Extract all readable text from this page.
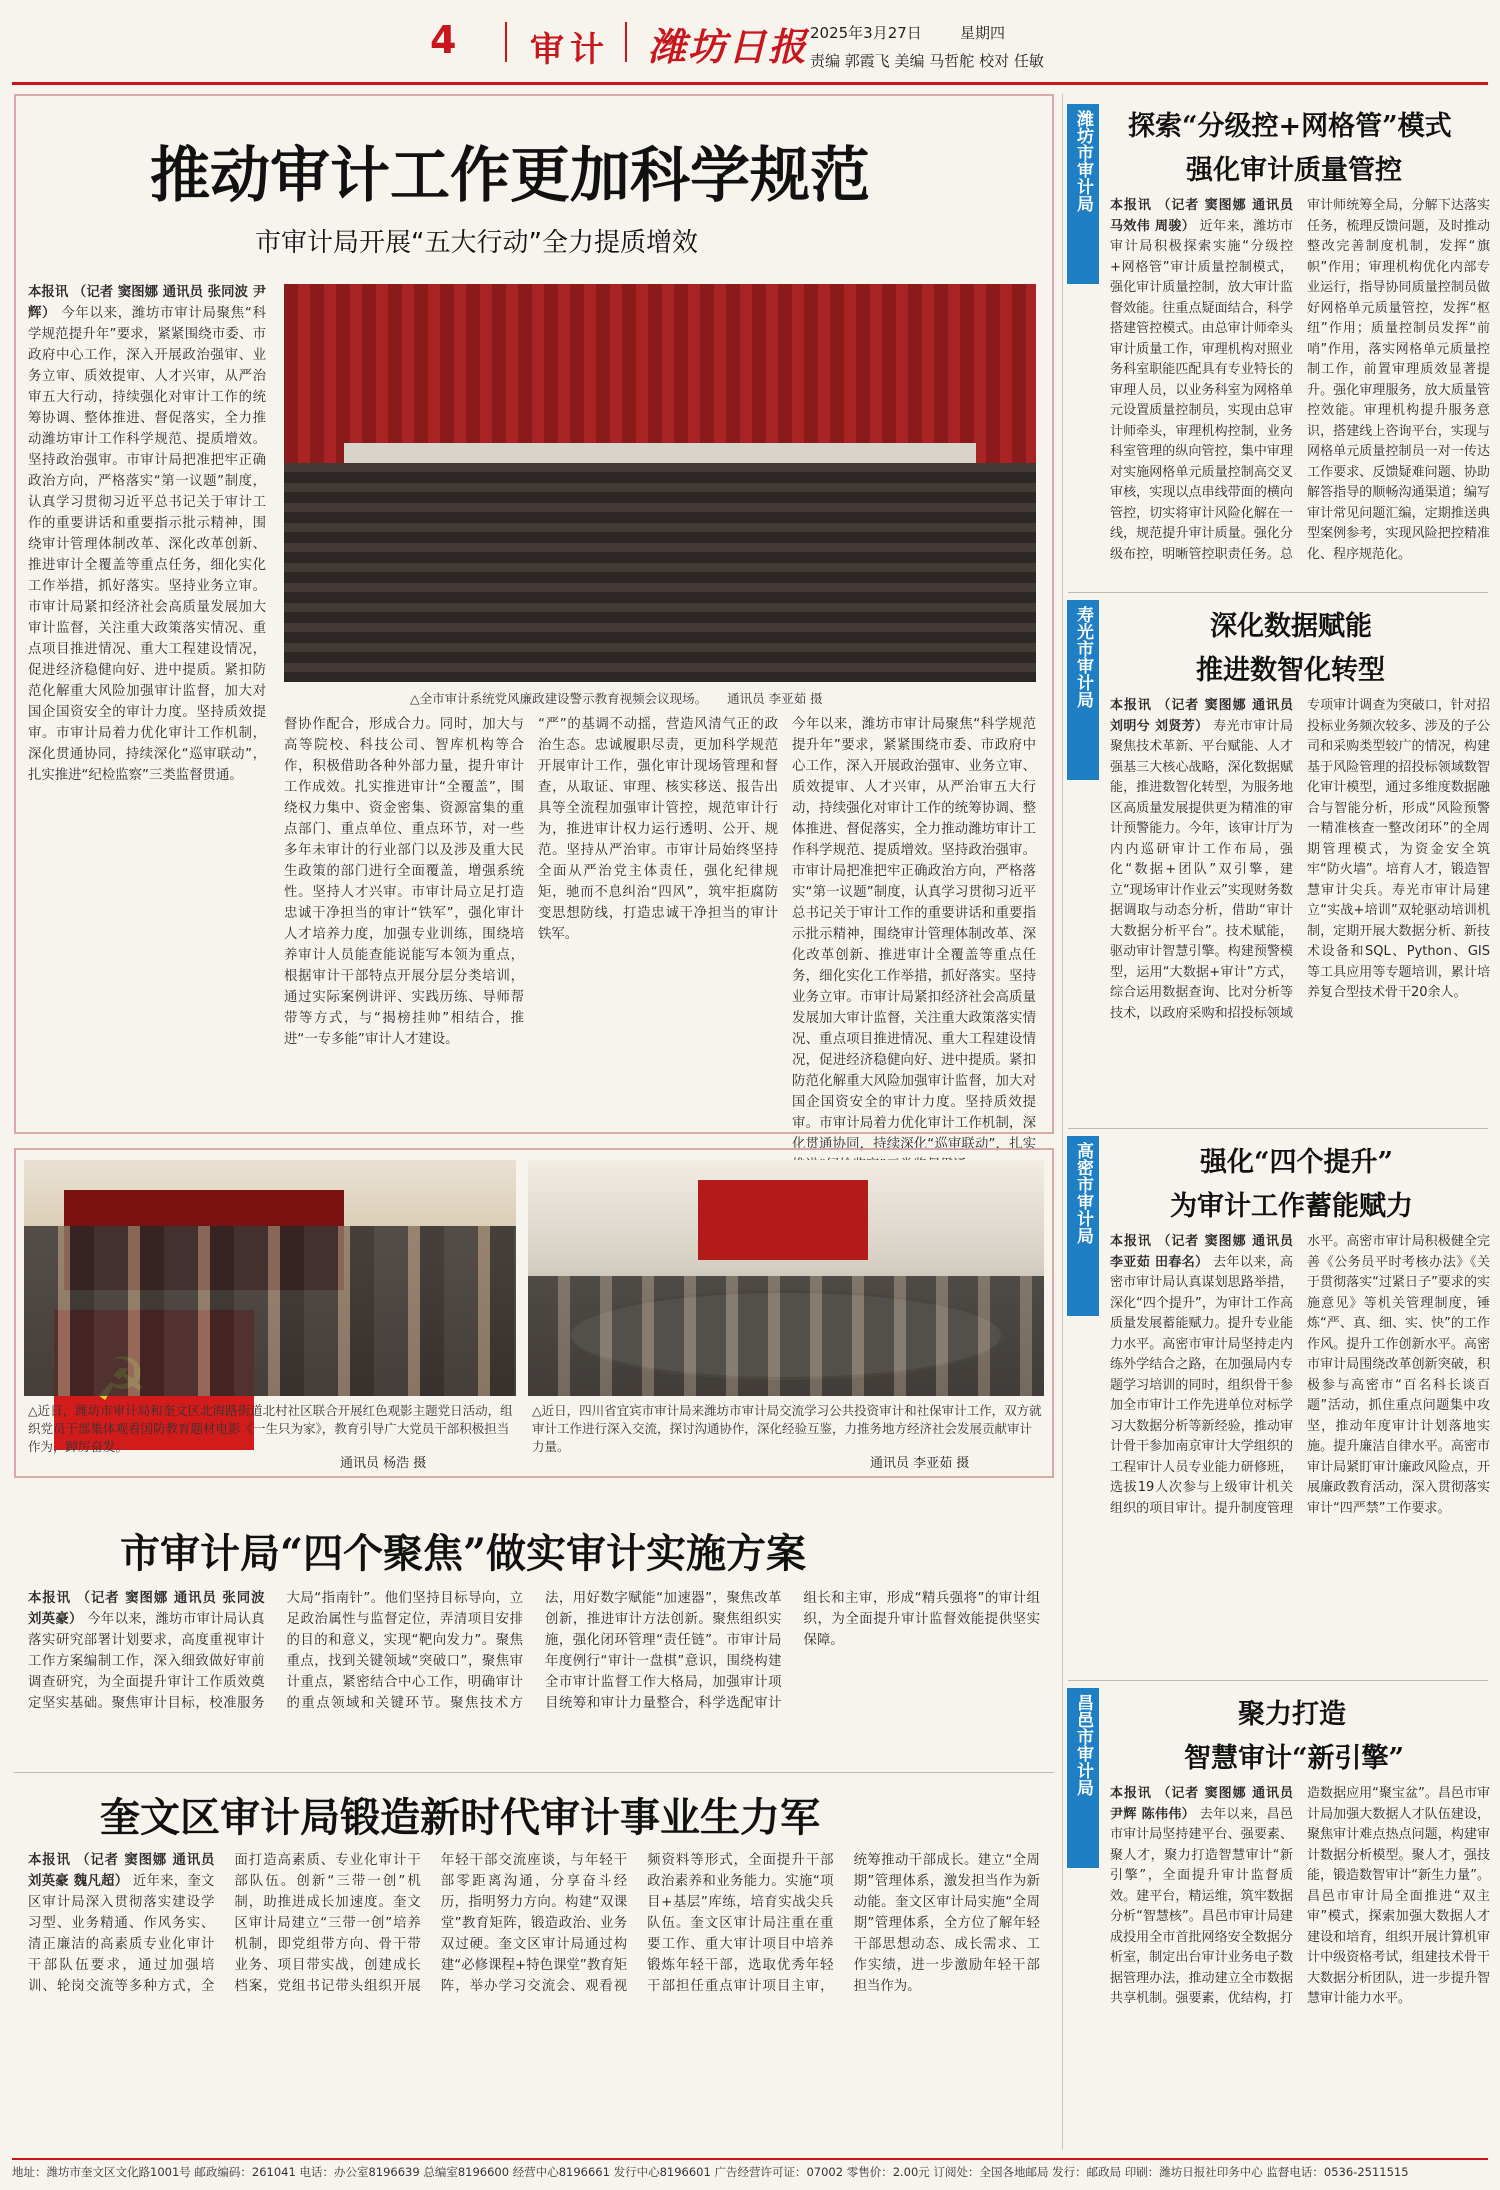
4 审计 潍坊日报 2025年3月27日	星期四
责编 郭霞飞 美编 马哲舵 校对 任敏
推动审计工作更加科学规范
市审计局开展“五大行动”全力提质增效
本报讯 （记者 窦图娜 通讯员 张同波 尹辉） 今年以来，潍坊市审计局聚焦“科学规范提升年”要求，紧紧围绕市委、市政府中心工作，深入开展政治强审、业务立审、质效提审、人才兴审，从严治审五大行动，持续强化对审计工作的统筹协调、整体推进、督促落实，全力推动潍坊审计工作科学规范、提质增效。坚持政治强审。市审计局把准把牢正确政治方向，严格落实“第一议题”制度，认真学习贯彻习近平总书记关于审计工作的重要讲话和重要指示批示精神，围绕审计管理体制改革、深化改革创新、推进审计全覆盖等重点任务，细化实化工作举措，抓好落实。坚持业务立审。市审计局紧扣经济社会高质量发展加大审计监督，关注重大政策落实情况、重点项目推进情况、重大工程建设情况，促进经济稳健向好、进中提质。紧扣防范化解重大风险加强审计监督，加大对国企国资安全的审计力度。坚持质效提审。市审计局着力优化审计工作机制，深化贯通协同，持续深化“巡审联动”，扎实推进“纪检监察”三类监督贯通。
△全市审计系统党风廉政建设警示教育视频会议现场。 通讯员 李亚茹 摄
督协作配合，形成合力。同时，加大与高等院校、科技公司、智库机构等合作，积极借助各种外部力量，提升审计工作成效。扎实推进审计“全覆盖”，围绕权力集中、资金密集、资源富集的重点部门、重点单位、重点环节，对一些多年未审计的行业部门以及涉及重大民生政策的部门进行全面覆盖，增强系统性。坚持人才兴审。市审计局立足打造忠诚干净担当的审计“铁军”，强化审计人才培养力度，加强专业训练，围绕培养审计人员能查能说能写本领为重点，根据审计干部特点开展分层分类培训，通过实际案例讲评、实践历练、导师帮带等方式，与“揭榜挂帅”相结合，推进“一专多能”审计人才建设。
“严”的基调不动摇，营造风清气正的政治生态。忠诚履职尽责，更加科学规范开展审计工作，强化审计现场管理和督查，从取证、审理、核实移送、报告出具等全流程加强审计管控，规范审计行为，推进审计权力运行透明、公开、规范。坚持从严治审。市审计局始终坚持全面从严治党主体责任，强化纪律规矩，驰而不息纠治“四风”，筑牢拒腐防变思想防线，打造忠诚干净担当的审计铁军。
今年以来，潍坊市审计局聚焦“科学规范提升年”要求，紧紧围绕市委、市政府中心工作，深入开展政治强审、业务立审、质效提审、人才兴审，从严治审五大行动，持续强化对审计工作的统筹协调、整体推进、督促落实，全力推动潍坊审计工作科学规范、提质增效。坚持政治强审。市审计局把准把牢正确政治方向，严格落实“第一议题”制度，认真学习贯彻习近平总书记关于审计工作的重要讲话和重要指示批示精神，围绕审计管理体制改革、深化改革创新、推进审计全覆盖等重点任务，细化实化工作举措，抓好落实。坚持业务立审。市审计局紧扣经济社会高质量发展加大审计监督，关注重大政策落实情况、重点项目推进情况、重大工程建设情况，促进经济稳健向好、进中提质。紧扣防范化解重大风险加强审计监督，加大对国企国资安全的审计力度。坚持质效提审。市审计局着力优化审计工作机制，深化贯通协同，持续深化“巡审联动”，扎实
△近日，潍坊市审计局和奎文区北海路街道北村社区联合开展红色观影主题党日活动，组织党员干部集体观看国防教育题材电影《一生只为家》，教育引导广大党员干部积极担当作为，踔厉奋发。
通讯员 杨浩 摄
△近日，四川省宜宾市审计局来潍坊市审计局交流学习公共投资审计和社保审计工作，双方就审计工作进行深入交流，探讨沟通协作，深化经验互鉴，力推务地方经济社会发展贡献审计力量。
通讯员 李亚茹 摄
市审计局“四个聚焦”做实审计实施方案
本报讯 （记者 窦图娜 通讯员 张同波 刘英豪） 今年以来，潍坊市审计局认真落实研究部署计划要求，高度重视审计工作方案编制工作，深入细致做好审前调查研究，为全面提升审计工作质效奠定坚实基础。聚焦审计目标，校准服务大局“指南针”。他们坚持目标导向，立足政治属性与监督定位，弄清项目安排的目的和意义，实现“靶向发力”。聚焦重点，找到关键领域“突破口”，聚焦审计重点，紧密结合中心工作，明确审计的重点领域和关键环节。聚焦技术方法，用好数字赋能“加速器”，聚焦改革创新，推进审计方法创新。聚焦组织实施，强化闭环管理“责任链”。市审计局年度例行“审计一盘棋”意识，围绕构建全市审计监督工作大格局，加强审计项目统筹和审计力量整合，科学选配审计组长和主审，形成“精兵强将”的审计组织，为全面提升审计监督效能提供坚实保障。
奎文区审计局锻造新时代审计事业生力军
本报讯 （记者 窦图娜 通讯员 刘英豪 魏凡超） 近年来，奎文区审计局深入贯彻落实建设学习型、业务精通、作风务实、清正廉洁的高素质专业化审计干部队伍要求，通过加强培训、轮岗交流等多种方式，全面打造高素质、专业化审计干部队伍。创新“三带一创”机制，助推进成长加速度。奎文区审计局建立“三带一创”培养机制，即党组带方向、骨干带业务、项目带实战，创建成长档案，党组书记带头组织开展年轻干部交流座谈，与年轻干部零距离沟通，分享奋斗经历，指明努力方向。构建“双课堂”教育矩阵，锻造政治、业务双过硬。奎文区审计局通过构建“必修课程+特色课堂”教育矩阵，举办学习交流会、观看视频资料等形式，全面提升干部政治素养和业务能力。实施“项目+基层”库练，培育实战尖兵队伍。奎文区审计局注重在重要工作、重大审计项目中培养锻炼年轻干部，选取优秀年轻干部担任重点审计项目主审，统筹推动干部成长。建立“全周期”管理体系，激发担当作为新动能。奎文区审计局实施“全周期”管理体系，全方位了解年轻干部思想动态、成长需求、工作实绩，进一步激励年轻干部担当作为。
潍坊市审计局 探索“分级控+网格管”模式
强化审计质量管控
本报讯 （记者 窦图娜 通讯员 马效伟 周骏） 近年来，潍坊市审计局积极探索实施“分级控+网格管”审计质量控制模式，强化审计质量控制，放大审计监督效能。往重点疑面结合，科学搭建管控模式。由总审计师牵头审计质量工作，审理机构对照业务科室职能匹配具有专业特长的审理人员，以业务科室为网格单元设置质量控制员，实现由总审计师牵头，审理机构控制，业务科室管理的纵向管控，集中审理对实施网格单元质量控制高交叉审核，实现以点串线带面的横向管控，切实将审计风险化解在一线，规范提升审计质量。强化分级布控，明晰管控职责任务。总审计师统筹全局，分解下达落实任务，梳理反馈问题，及时推动整改完善制度机制，发挥“旗帜”作用；审理机构优化内部专业运行，指导协同质量控制员做好网格单元质量管控，发挥“枢纽”作用；质量控制员发挥“前哨”作用，落实网格单元质量控制工作，前置审理质效显著提升。强化审理服务，放大质量管控效能。审理机构提升服务意识，搭建线上咨询平台，实现与网格单元质量控制员一对一传达工作要求、反馈疑难问题、协助解答指导的顺畅沟通渠道；编写审计常见问题汇编，定期推送典型案例参考，实现风险把控精准化、程序规范化。
寿光市审计局	深化数据赋能
推进数智化转型
本报讯 （记者 窦图娜 通讯员 刘明兮 刘贤芳） 寿光市审计局聚焦技术革新、平台赋能、人才强基三大核心战略，深化数据赋能，推进数智化转型，为服务地区高质量发展提供更为精准的审计预警能力。今年，该审计厅为内内巡研审计工作布局，强化“数据+团队”双引擎，建立“现场审计作业云”实现财务数据调取与动态分析，借助“审计大数据分析平台”。技术赋能，驱动审计智慧引擎。构建预警模型，运用“大数据+审计”方式，综合运用数据查询、比对分析等技术，以政府采购和招投标领域专项审计调查为突破口，针对招投标业务频次较多、涉及的子公司和采购类型较广的情况，构建基于风险管理的招投标领域数智化审计模型，通过多维度数据融合与智能分析，形成“风险预警一精准核查一整改闭环”的全周期管理模式，为资金安全筑牢“防火墙”。培育人才，锻造智慧审计尖兵。寿光市审计局建立“实战+培训”双轮驱动培训机制，定期开展大数据分析、新技术设备和SQL、Python、GIS等工具应用等专题培训，累计培养复合型技术骨干20余人。
高密市审计局	强化“四个提升”
为审计工作蓄能赋力
本报讯 （记者 窦图娜 通讯员 李亚茹 田春名） 去年以来，高密市审计局认真谋划思路举措，深化“四个提升”，为审计工作高质量发展蓄能赋力。提升专业能力水平。高密市审计局坚持走内练外学结合之路，在加强局内专题学习培训的同时，组织骨干参加全市审计工作先进单位对标学习大数据分析等新经验，推动审计骨干参加南京审计大学组织的工程审计人员专业能力研修班，选拔19人次参与上级审计机关组织的项目审计。提升制度管理水平。高密市审计局积极健全完善《公务员平时考核办法》《关于贯彻落实“过紧日子”要求的实施意见》等机关管理制度，锤炼“严、真、细、实、快”的工作作风。提升工作创新水平。高密市审计局围绕改革创新突破，积极参与高密市“百名科长谈百题”活动，抓住重点问题集中攻坚，推动年度审计计划落地实施。提升廉洁自律水平。高密市审计局紧盯审计廉政风险点，开展廉政教育活动，深入贯彻落实审计“四严禁”工作要求。
昌邑市审计局	聚力打造
智慧审计“新引擎”
本报讯 （记者 窦图娜 通讯员 尹辉 陈伟伟） 去年以来，昌邑市审计局坚持建平台、强要素、聚人才，聚力打造智慧审计“新引擎”，全面提升审计监督质效。建平台，精运维，筑牢数据分析“智慧核”。昌邑市审计局建成投用全市首批网络安全数据分析室，制定出台审计业务电子数据管理办法，推动建立全市数据共享机制。强要素，优结构，打造数据应用“聚宝盆”。昌邑市审计局加强大数据人才队伍建设，聚焦审计难点热点问题，构建审计数据分析模型。聚人才，强技能，锻造数智审计“新生力量”。昌邑市审计局全面推进“双主审”模式，探索加强大数据人才建设和培育，组织开展计算机审计中级资格考试，组建技术骨干大数据分析团队，进一步提升智慧审计能力水平。
地址：潍坊市奎文区文化路1001号 邮政编码：261041 电话：办公室8196639 总编室8196600 经营中心8196661 发行中心8196601 广告经营许可证：07002 零售价：2.00元 订阅处：全国各地邮局 发行：邮政局 印刷：潍坊日报社印务中心 监督电话：0536-2511515
